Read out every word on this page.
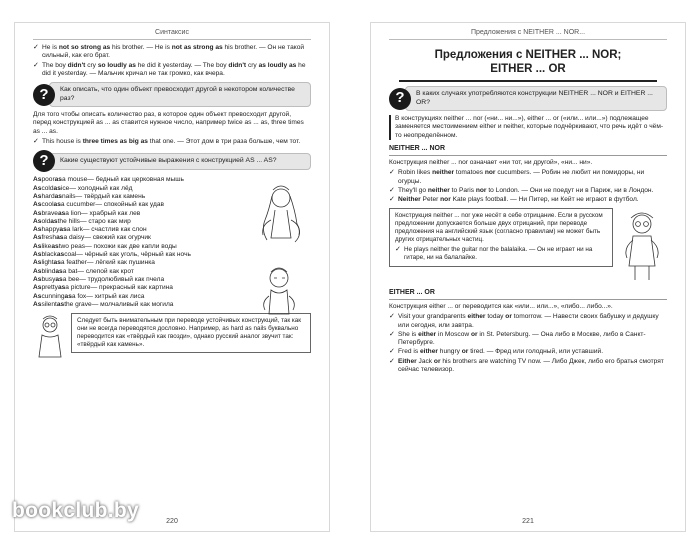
Синтаксис
✓ He is not so strong as his brother. — He is not as strong as his brother. — Он не такой сильный, как его брат.
✓ The boy didn't cry so loudly as he did it yesterday. — The boy didn't cry as loudly as he did it yesterday. — Мальчик кричал не так громко, как вчера.
?	Как описать, что один объект превосходит другой в некотором количестве раз?
Для того чтобы описать количество раз, в которое один объект превосходит другой, перед конструкцией as ... as ставится нужное число, например twice as ... as, three times as ... as.
✓ This house is three times as big as that one. — Этот дом в три раза больше, чем тот.
?	Какие существуют устойчивые выражения с конструкцией AS ... AS?
As poor as a mouse — бедный как церковная мышь
As cold as ice — холодный как лёд
As hard as nails — твёрдый как камень
As cool as a cucumber — спокойный как удав
As brave as a lion — храбрый как лев
As old as the hills — старо как мир
As happy as a lark — счастлив как слон
As fresh as a daisy — свежий как огурчик
As like as two peas — похожи как две капли воды
As black as coal — чёрный как уголь, чёрный как ночь
As light as a feather — лёгкий как пушинка
As blind as a bat — слепой как крот
As busy as a bee — трудолюбивый как пчела
As pretty as a picture — прекрасный как картина
As cunning as a fox — хитрый как лиса
As silent as the grave — молчаливый как могила
Следует быть внимательным при переводе устойчивых конструкций, так как они не всегда переводятся дословно. Например, as hard as nails буквально переводится как «твёрдый как гвозди», однако русский аналог звучит так: «твёрдый как камень».
220
Предложения с NEITHER ... NOR...
Предложения с NEITHER ... NOR;
EITHER ... OR
?	В каких случаях употребляются конструкции NEITHER ... NOR и EITHER ... OR?
В конструкциях neither ... nor («ни... ни...»), either ... or («или... или...») подлежащее заменяется местоимением either и neither, которые подчёркивают, что речь идёт о чём-то неопределённом.
NEITHER ... NOR
Конструкция neither ... nor означает «ни тот, ни другой», «ни... ни».
✓ Robin likes neither tomatoes nor cucumbers. — Робин не любит ни помидоры, ни огурцы.
✓ They'll go neither to Paris nor to London. — Они не поедут ни в Париж, ни в Лондон.
✓ Neither Peter nor Kate plays football. — Ни Питер, ни Кейт не играют в футбол.
Конструкция neither ... nor уже несёт в себе отрицание. Если в русском предложении допускается больше двух отрицаний, при переводе предложения на английский язык (согласно правилам) не может быть других отрицательных частиц.
✓ He plays neither the guitar nor the balalaika. — Он не играет ни на гитаре, ни на балалайке.
EITHER ... OR
Конструкция either ... or переводится как «или... или...», «либо... либо...».
✓ Visit your grandparents either today or tomorrow. — Навести своих бабушку и дедушку или сегодня, или завтра.
✓ She is either in Moscow or in St. Petersburg. — Она либо в Москве, либо в Санкт-Петербурге.
✓ Fred is either hungry or tired. — Фред или голодный, или уставший.
✓ Either Jack or his brothers are watching TV now. — Либо Джек, либо его братья смотрят сейчас телевизор.
221
bookclub.by
